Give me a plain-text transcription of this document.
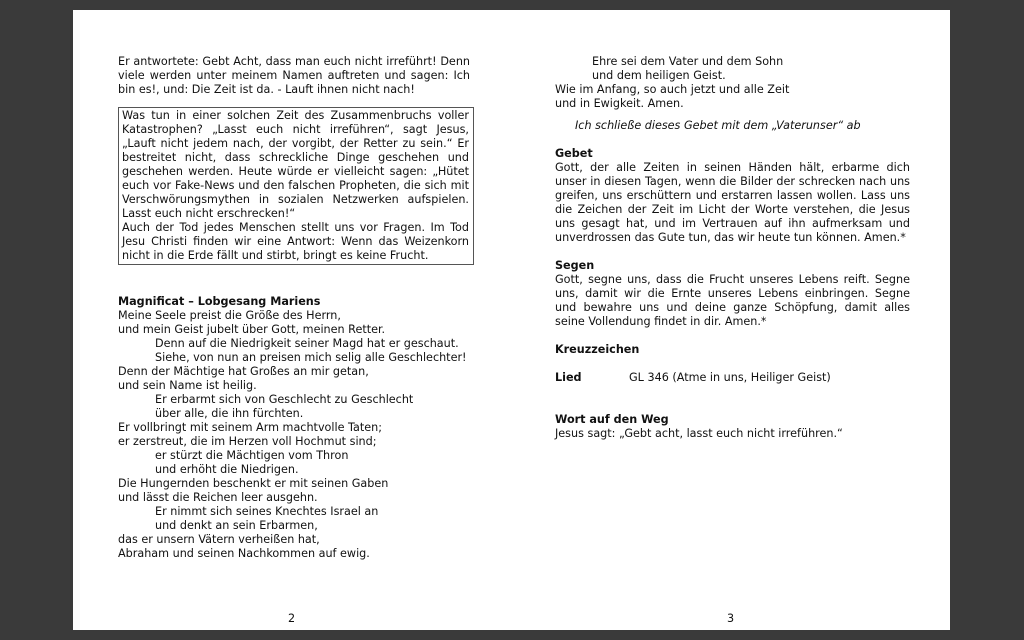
Er antwortete: Gebt Acht, dass man euch nicht irreführt! Denn viele werden unter meinem Namen auftreten und sagen: Ich bin es!, und: Die Zeit ist da. - Lauft ihnen nicht nach!

Was tun in einer solchen Zeit des Zusammenbruchs voller Katastrophen? „Lasst euch nicht irreführen“, sagt Jesus, „Lauft nicht jedem nach, der vorgibt, der Retter zu sein.“ Er bestreitet nicht, dass schreckliche Dinge geschehen und geschehen werden. Heute würde er vielleicht sagen: „Hütet euch vor Fake-News und den falschen Propheten, die sich mit Verschwörungsmythen in sozialen Netzwerken aufspielen. Lasst euch nicht erschrecken!“

Auch der Tod jedes Menschen stellt uns vor Fragen. Im Tod Jesu Christi finden wir eine Antwort: Wenn das Weizenkorn nicht in die Erde fällt und stirbt, bringt es keine Frucht.

Magnificat – Lobgesang Mariens
Meine Seele preist die Größe des Herrn,
und mein Geist jubelt über Gott, meinen Retter.
Denn auf die Niedrigkeit seiner Magd hat er geschaut.
Siehe, von nun an preisen mich selig alle Geschlechter!
Denn der Mächtige hat Großes an mir getan,
und sein Name ist heilig.
Er erbarmt sich von Geschlecht zu Geschlecht
über alle, die ihn fürchten.
Er vollbringt mit seinem Arm machtvolle Taten;
er zerstreut, die im Herzen voll Hochmut sind;
er stürzt die Mächtigen vom Thron
und erhöht die Niedrigen.
Die Hungernden beschenkt er mit seinen Gaben
und lässt die Reichen leer ausgehn.
Er nimmt sich seines Knechtes Israel an
und denkt an sein Erbarmen,
das er unsern Vätern verheißen hat,
Abraham und seinen Nachkommen auf ewig.
Ehre sei dem Vater und dem Sohn
und dem heiligen Geist.
Wie im Anfang, so auch jetzt und alle Zeit
und in Ewigkeit. Amen.
Ich schließe dieses Gebet mit dem „Vaterunser“ ab
Gebet

Gott, der alle Zeiten in seinen Händen hält, erbarme dich unser in diesen Tagen, wenn die Bilder der schrecken nach uns greifen, uns erschüttern und erstarren lassen wollen. Lass uns die Zeichen der Zeit im Licht der Worte verstehen, die Jesus uns gesagt hat, und im Vertrauen auf ihn aufmerksam und unverdrossen das Gute tun, das wir heute tun können. Amen.*

Segen

Gott, segne uns, dass die Frucht unseres Lebens reift. Segne uns, damit wir die Ernte unseres Lebens einbringen. Segne und bewahre uns und deine ganze Schöpfung, damit alles seine Vollendung findet in dir. Amen.*

Kreuzzeichen
Lied	GL 346 (Atme in uns, Heiliger Geist)
Wort auf den Weg
Jesus sagt: „Gebt acht, lasst euch nicht irreführen.“
2	3
